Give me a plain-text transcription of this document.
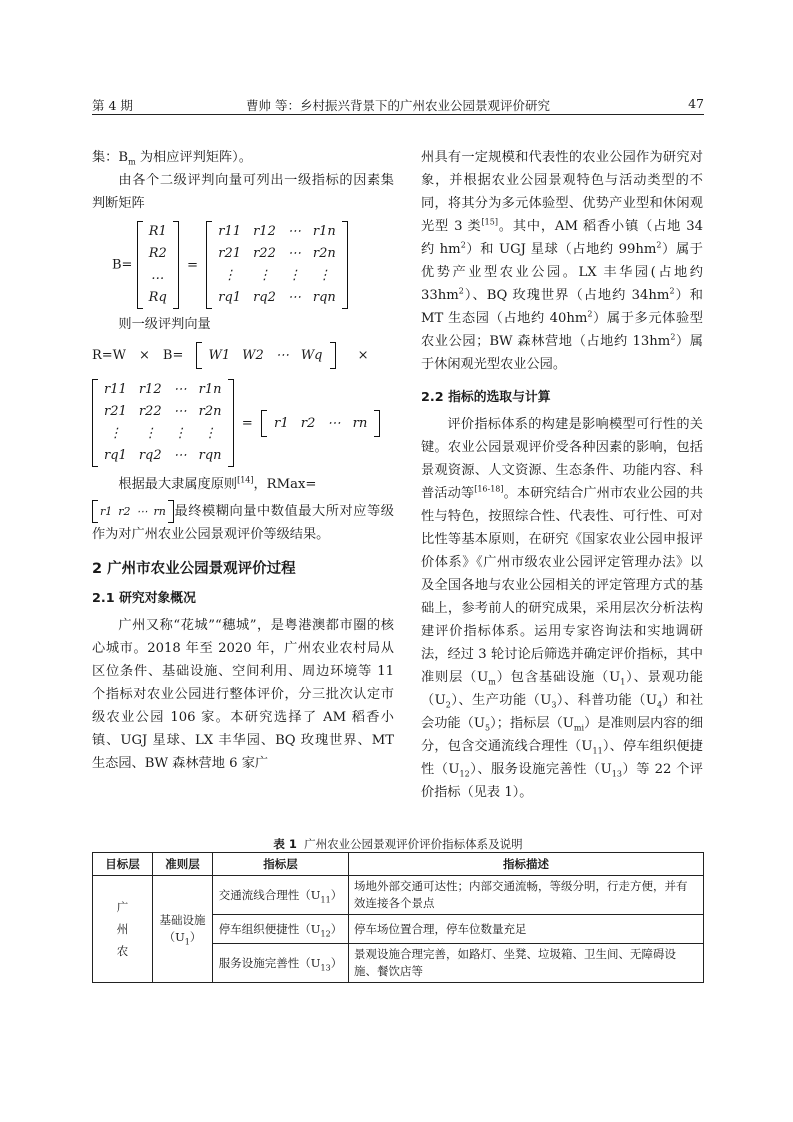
第 4 期	曹帅 等：乡村振兴背景下的广州农业公园景观评价研究	47

集：$B_m$ 为相应评判矩阵）。

由各个二级评判向量可列出一级指标的因素集判断矩阵

B=
R1
R2
…
Rq
=
r11	r12	⋯	r1n
r21	r22	⋯	r2n
⋮	⋮	⋮	⋮
rq1	rq2	⋯	rqn

则一级评判向量

R=W　×　B= W1 W2 ⋯ Wq	×
r11	r12	⋯	r1n
r21	r22	⋯	r2n
⋮	⋮	⋮	⋮
rq1	rq2	⋯	rqn
= r1 r2 ⋯ rn

根据最大隶属度原则[14]，RMax=

r1 r2 ⋯ rn 最终模糊向量中数值最大所对应等级作为对广州农业公园景观评价等级结果。

2 广州市农业公园景观评价过程
2.1 研究对象概况

广州又称“花城”“穗城”，是粤港澳都市圈的核心城市。2018 年至 2020 年，广州农业农村局从区位条件、基础设施、空间利用、周边环境等 11 个指标对农业公园进行整体评价，分三批次认定市级农业公园 106 家。本研究选择了 AM 稻香小镇、UGJ 星球、LX 丰华园、BQ 玫瑰世界、MT 生态园、BW 森林营地 6 家广

州具有一定规模和代表性的农业公园作为研究对象，并根据农业公园景观特色与活动类型的不同，将其分为多元体验型、优势产业型和休闲观光型 3 类[15]。其中，AM 稻香小镇（占地 34 约 $hm^2$）和 UGJ 星球（占地约 $99hm^2$）属于优势产业型农业公园。LX 丰华园(占地约 $33hm^2$）、BQ 玫瑰世界（占地约 $34hm^2$）和 MT 生态园（占地约 $40hm^2$）属于多元体验型农业公园；BW 森林营地（占地约 $13hm^2$）属于休闲观光型农业公园。

2.2 指标的选取与计算

评价指标体系的构建是影响模型可行性的关键。农业公园景观评价受各种因素的影响，包括景观资源、人文资源、生态条件、功能内容、科普活动等[16-18]。本研究结合广州市农业公园的共性与特色，按照综合性、代表性、可行性、可对比性等基本原则，在研究《国家农业公园申报评价体系》《广州市级农业公园评定管理办法》以及全国各地与农业公园相关的评定管理方式的基础上，参考前人的研究成果，采用层次分析法构建评价指标体系。运用专家咨询法和实地调研法，经过 3 轮讨论后筛选并确定评价指标，其中准则层$(U_m)$包含基础设施$(U_1)$、景观功能$(U_2)$、生产功能$(U_3)$、科普功能$(U_4)$和社会功能$(U_5)$；指标层$(U_{mi})$是准则层内容的细分，包含交通流线合理性$(U_{11})$、停车组织便捷性$(U_{12})$、服务设施完善性$(U_{13})$等 22 个评价指标（见表 1）。

表 1 广州农业公园景观评价评价指标体系及说明
目标层	准则层	指标层	指标描述
广
州
农	基础设施$(U_1)$	交通流线合理性$(U_{11})$	场地外部交通可达性；内部交通流畅，等级分明，行走方便，并有效连接各个景点
		停车组织便捷性$(U_{12})$	停车场位置合理，停车位数量充足
		服务设施完善性$(U_{13})$	景观设施合理完善，如路灯、坐凳、垃圾箱、卫生间、无障碍设施、餐饮店等
